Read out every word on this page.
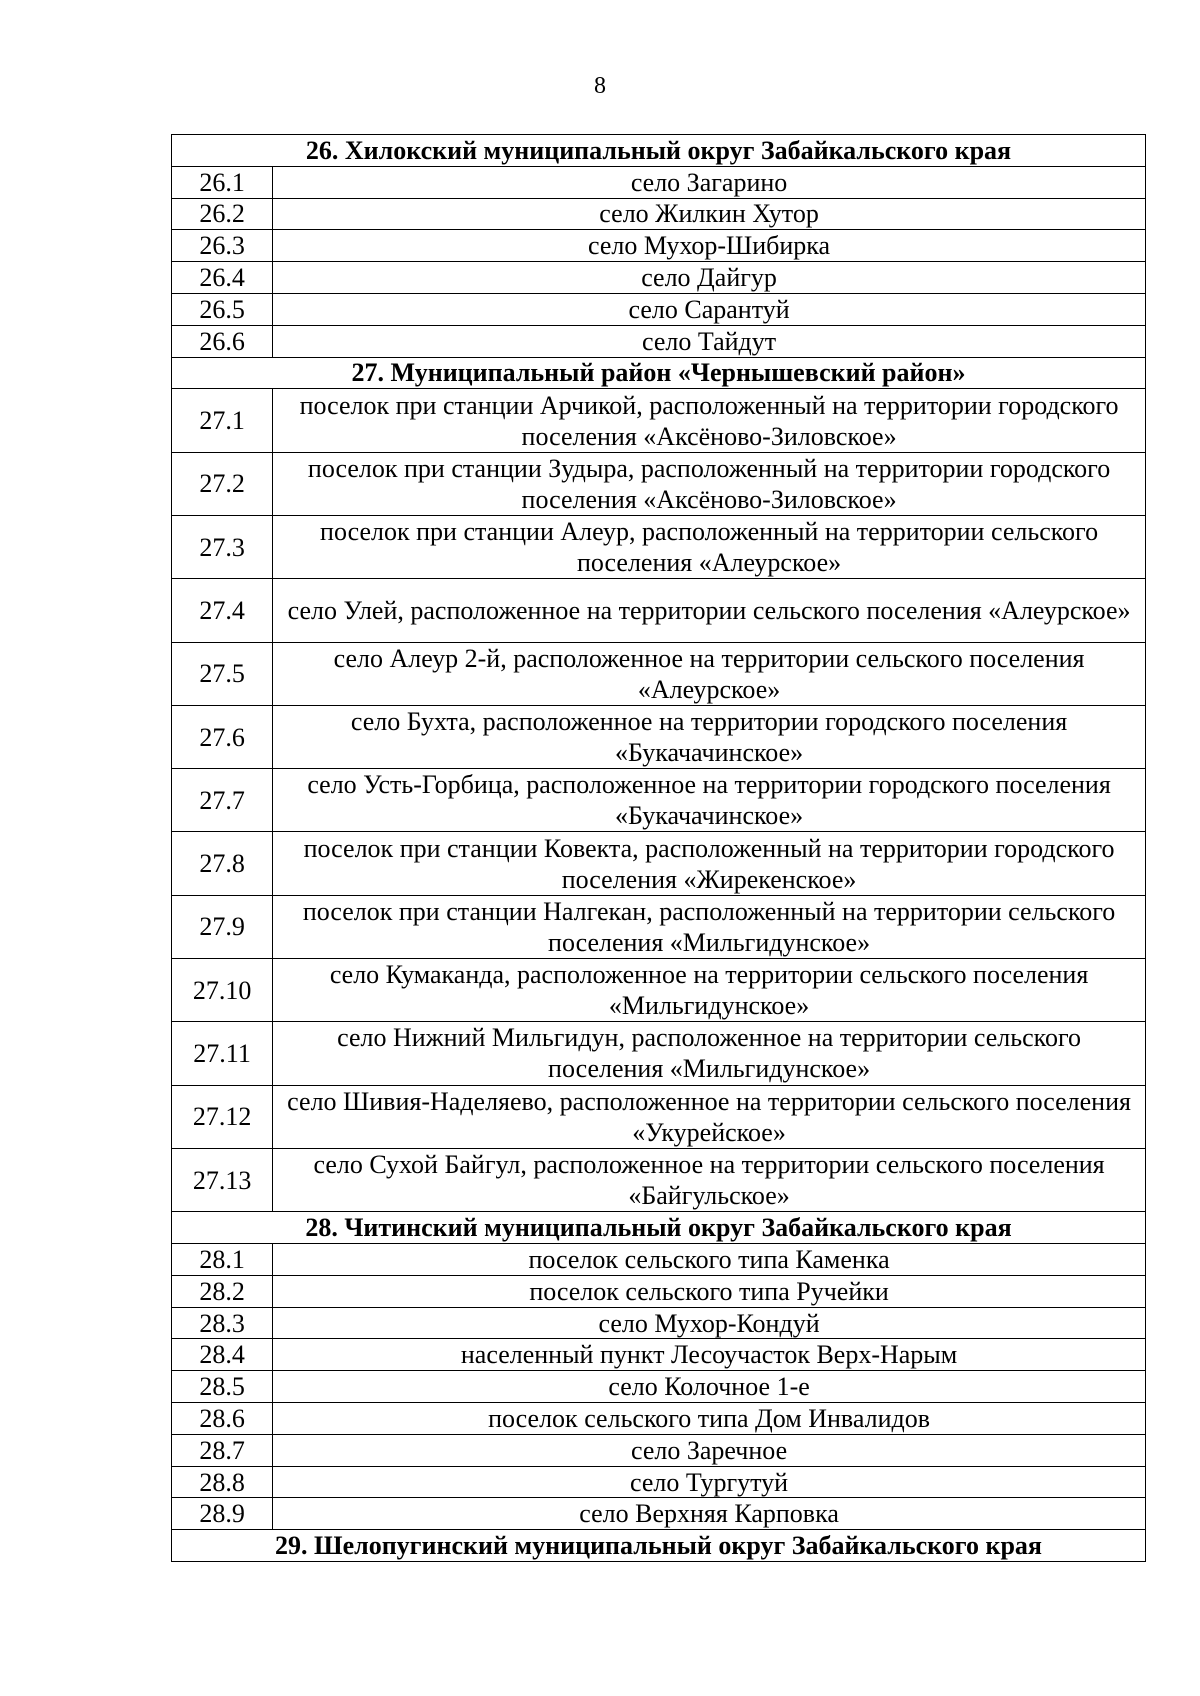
8
26. Хилокский муниципальный округ Забайкальского края	
26.1	село Загарино
26.2	село Жилкин Хутор
26.3	село Мухор-Шибирка
26.4	село Дайгур
26.5	село Сарантуй
26.6	село Тайдут
27. Муниципальный район «Чернышевский район»	
27.1	поселок при станции Арчикой, расположенный на территории городского поселения «Аксёново-Зиловское»
27.2	поселок при станции Зудыра, расположенный на территории городского поселения «Аксёново-Зиловское»
27.3	поселок при станции Алеур, расположенный на территории сельского поселения «Алеурское»
27.4	село Улей, расположенное на территории сельского поселения «Алеурское»
27.5	село Алеур 2-й, расположенное на территории сельского поселения «Алеурское»
27.6	село Бухта, расположенное на территории городского поселения «Букачачинское»
27.7	село Усть-Горбица, расположенное на территории городского поселения «Букачачинское»
27.8	поселок при станции Ковекта, расположенный на территории городского поселения «Жирекенское»
27.9	поселок при станции Налгекан, расположенный на территории сельского поселения «Мильгидунское»
27.10	село Кумаканда, расположенное на территории сельского поселения «Мильгидунское»
27.11	село Нижний Мильгидун, расположенное на территории сельского поселения «Мильгидунское»
27.12	село Шивия-Наделяево, расположенное на территории сельского поселения «Укурейское»
27.13	село Сухой Байгул, расположенное на территории сельского поселения «Байгульское»
28. Читинский муниципальный округ Забайкальского края	
28.1	поселок сельского типа Каменка
28.2	поселок сельского типа Ручейки
28.3	село Мухор-Кондуй
28.4	населенный пункт Лесоучасток Верх-Нарым
28.5	село Колочное 1-е
28.6	поселок сельского типа Дом Инвалидов
28.7	село Заречное
28.8	село Тургутуй
28.9	село Верхняя Карповка
29. Шелопугинский муниципальный округ Забайкальского края	
